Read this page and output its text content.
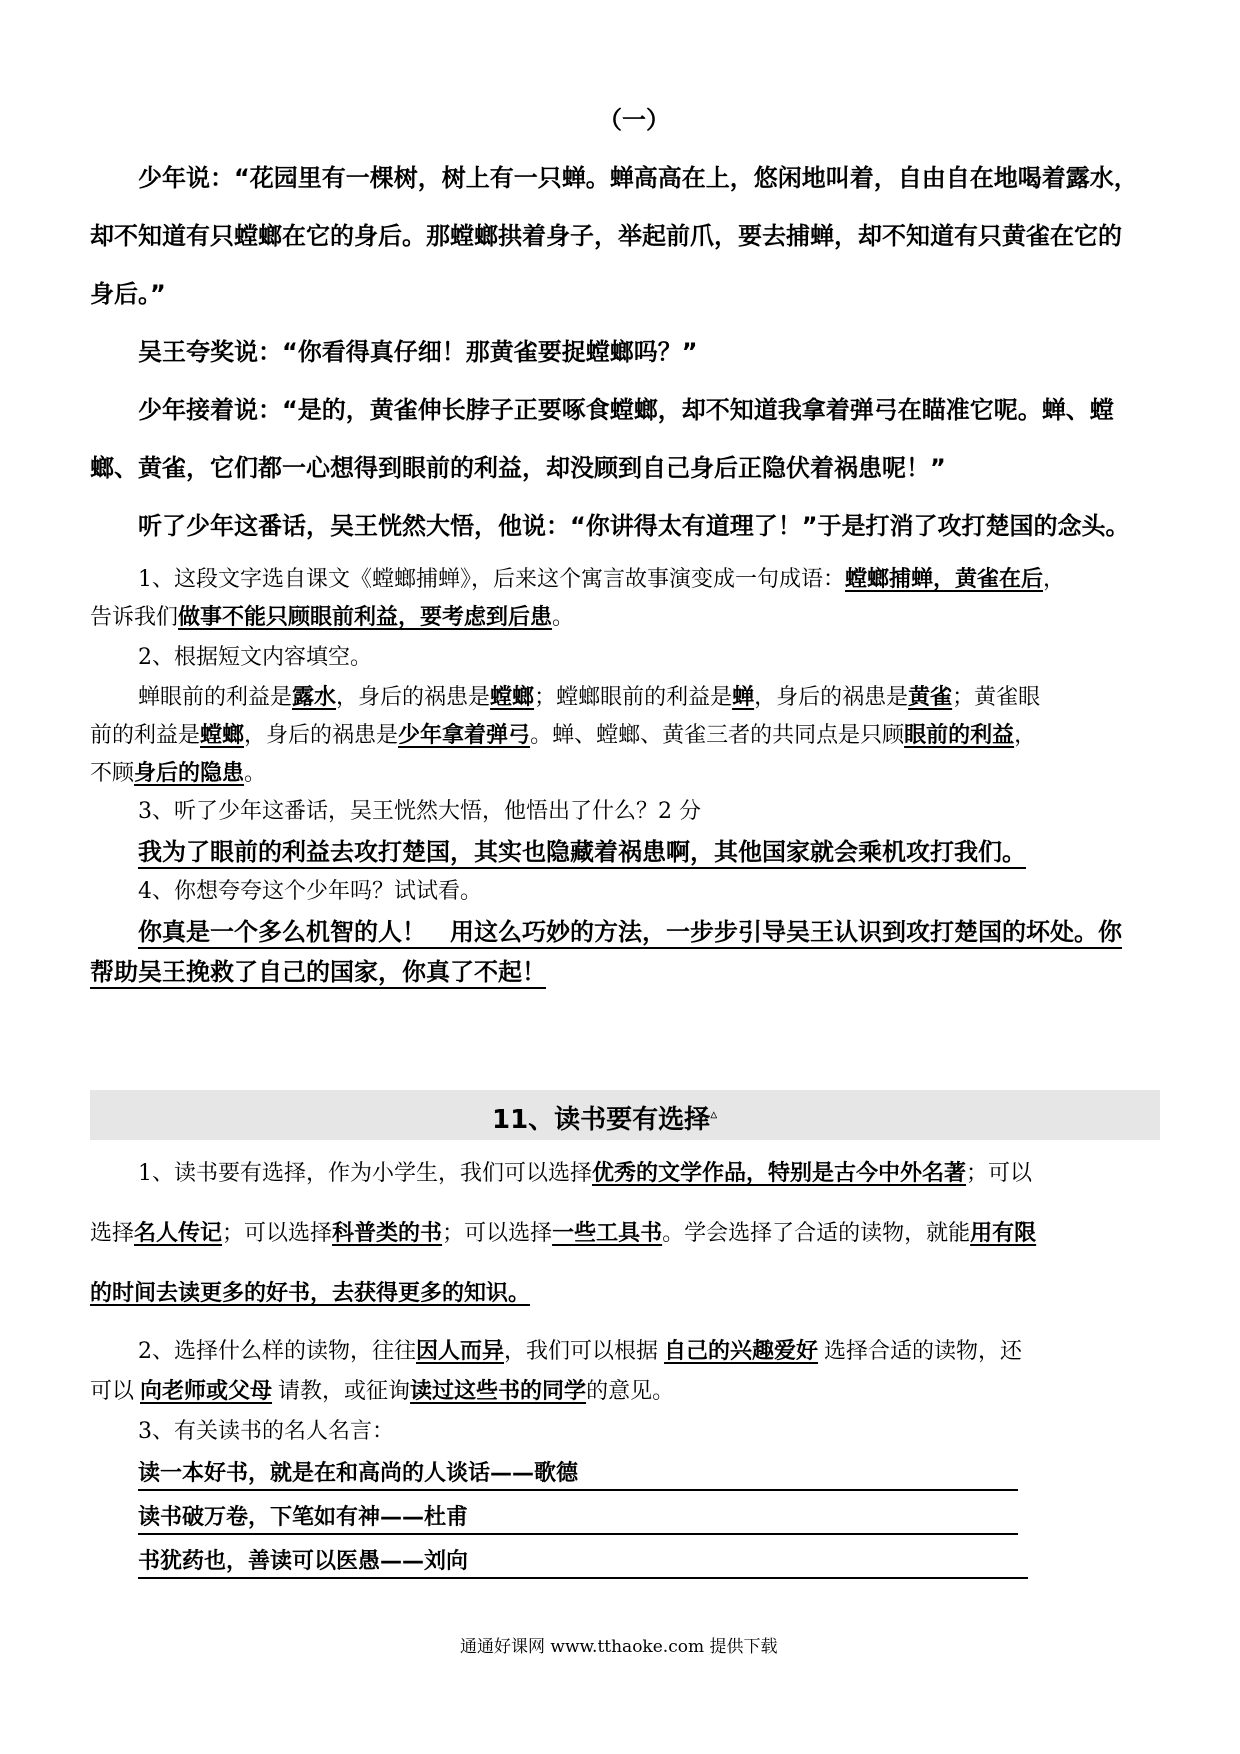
（一）
少年说：“花园里有一棵树，树上有一只蝉。蝉高高在上，悠闲地叫着，自由自在地喝着露水，
却不知道有只螳螂在它的身后。那螳螂拱着身子，举起前爪，要去捕蝉，却不知道有只黄雀在它的
身后。”
吴王夸奖说：“你看得真仔细！那黄雀要捉螳螂吗？”
少年接着说：“是的，黄雀伸长脖子正要啄食螳螂，却不知道我拿着弹弓在瞄准它呢。蝉、螳
螂、黄雀，它们都一心想得到眼前的利益，却没顾到自己身后正隐伏着祸患呢！”
听了少年这番话，吴王恍然大悟，他说：“你讲得太有道理了！”于是打消了攻打楚国的念头。
1、这段文字选自课文《螳螂捕蝉》，后来这个寓言故事演变成一句成语：螳螂捕蝉，黄雀在后，
告诉我们做事不能只顾眼前利益，要考虑到后患。
2、根据短文内容填空。
蝉眼前的利益是露水，身后的祸患是螳螂；螳螂眼前的利益是蝉，身后的祸患是黄雀；黄雀眼
前的利益是螳螂，身后的祸患是少年拿着弹弓。蝉、螳螂、黄雀三者的共同点是只顾眼前的利益，
不顾身后的隐患。
3、听了少年这番话，吴王恍然大悟，他悟出了什么？2 分
我为了眼前的利益去攻打楚国，其实也隐藏着祸患啊，其他国家就会乘机攻打我们。
4、你想夸夸这个少年吗？试试看。
你真是一个多么机智的人！　用这么巧妙的方法，一步步引导吴王认识到攻打楚国的坏处。你
帮助吴王挽救了自己的国家，你真了不起！
11、读书要有选择▵
1、读书要有选择，作为小学生，我们可以选择优秀的文学作品，特别是古今中外名著；可以
选择名人传记；可以选择科普类的书；可以选择一些工具书。学会选择了合适的读物，就能用有限
的时间去读更多的好书，去获得更多的知识。
2、选择什么样的读物，往往因人而异，我们可以根据 自己的兴趣爱好 选择合适的读物，还
可以 向老师或父母 请教，或征询读过这些书的同学的意见。
3、有关读书的名人名言：
读一本好书，就是在和高尚的人谈话——歌德
读书破万卷，下笔如有神——杜甫
书犹药也，善读可以医愚——刘向
通通好课网 www.tthaoke.com 提供下载
